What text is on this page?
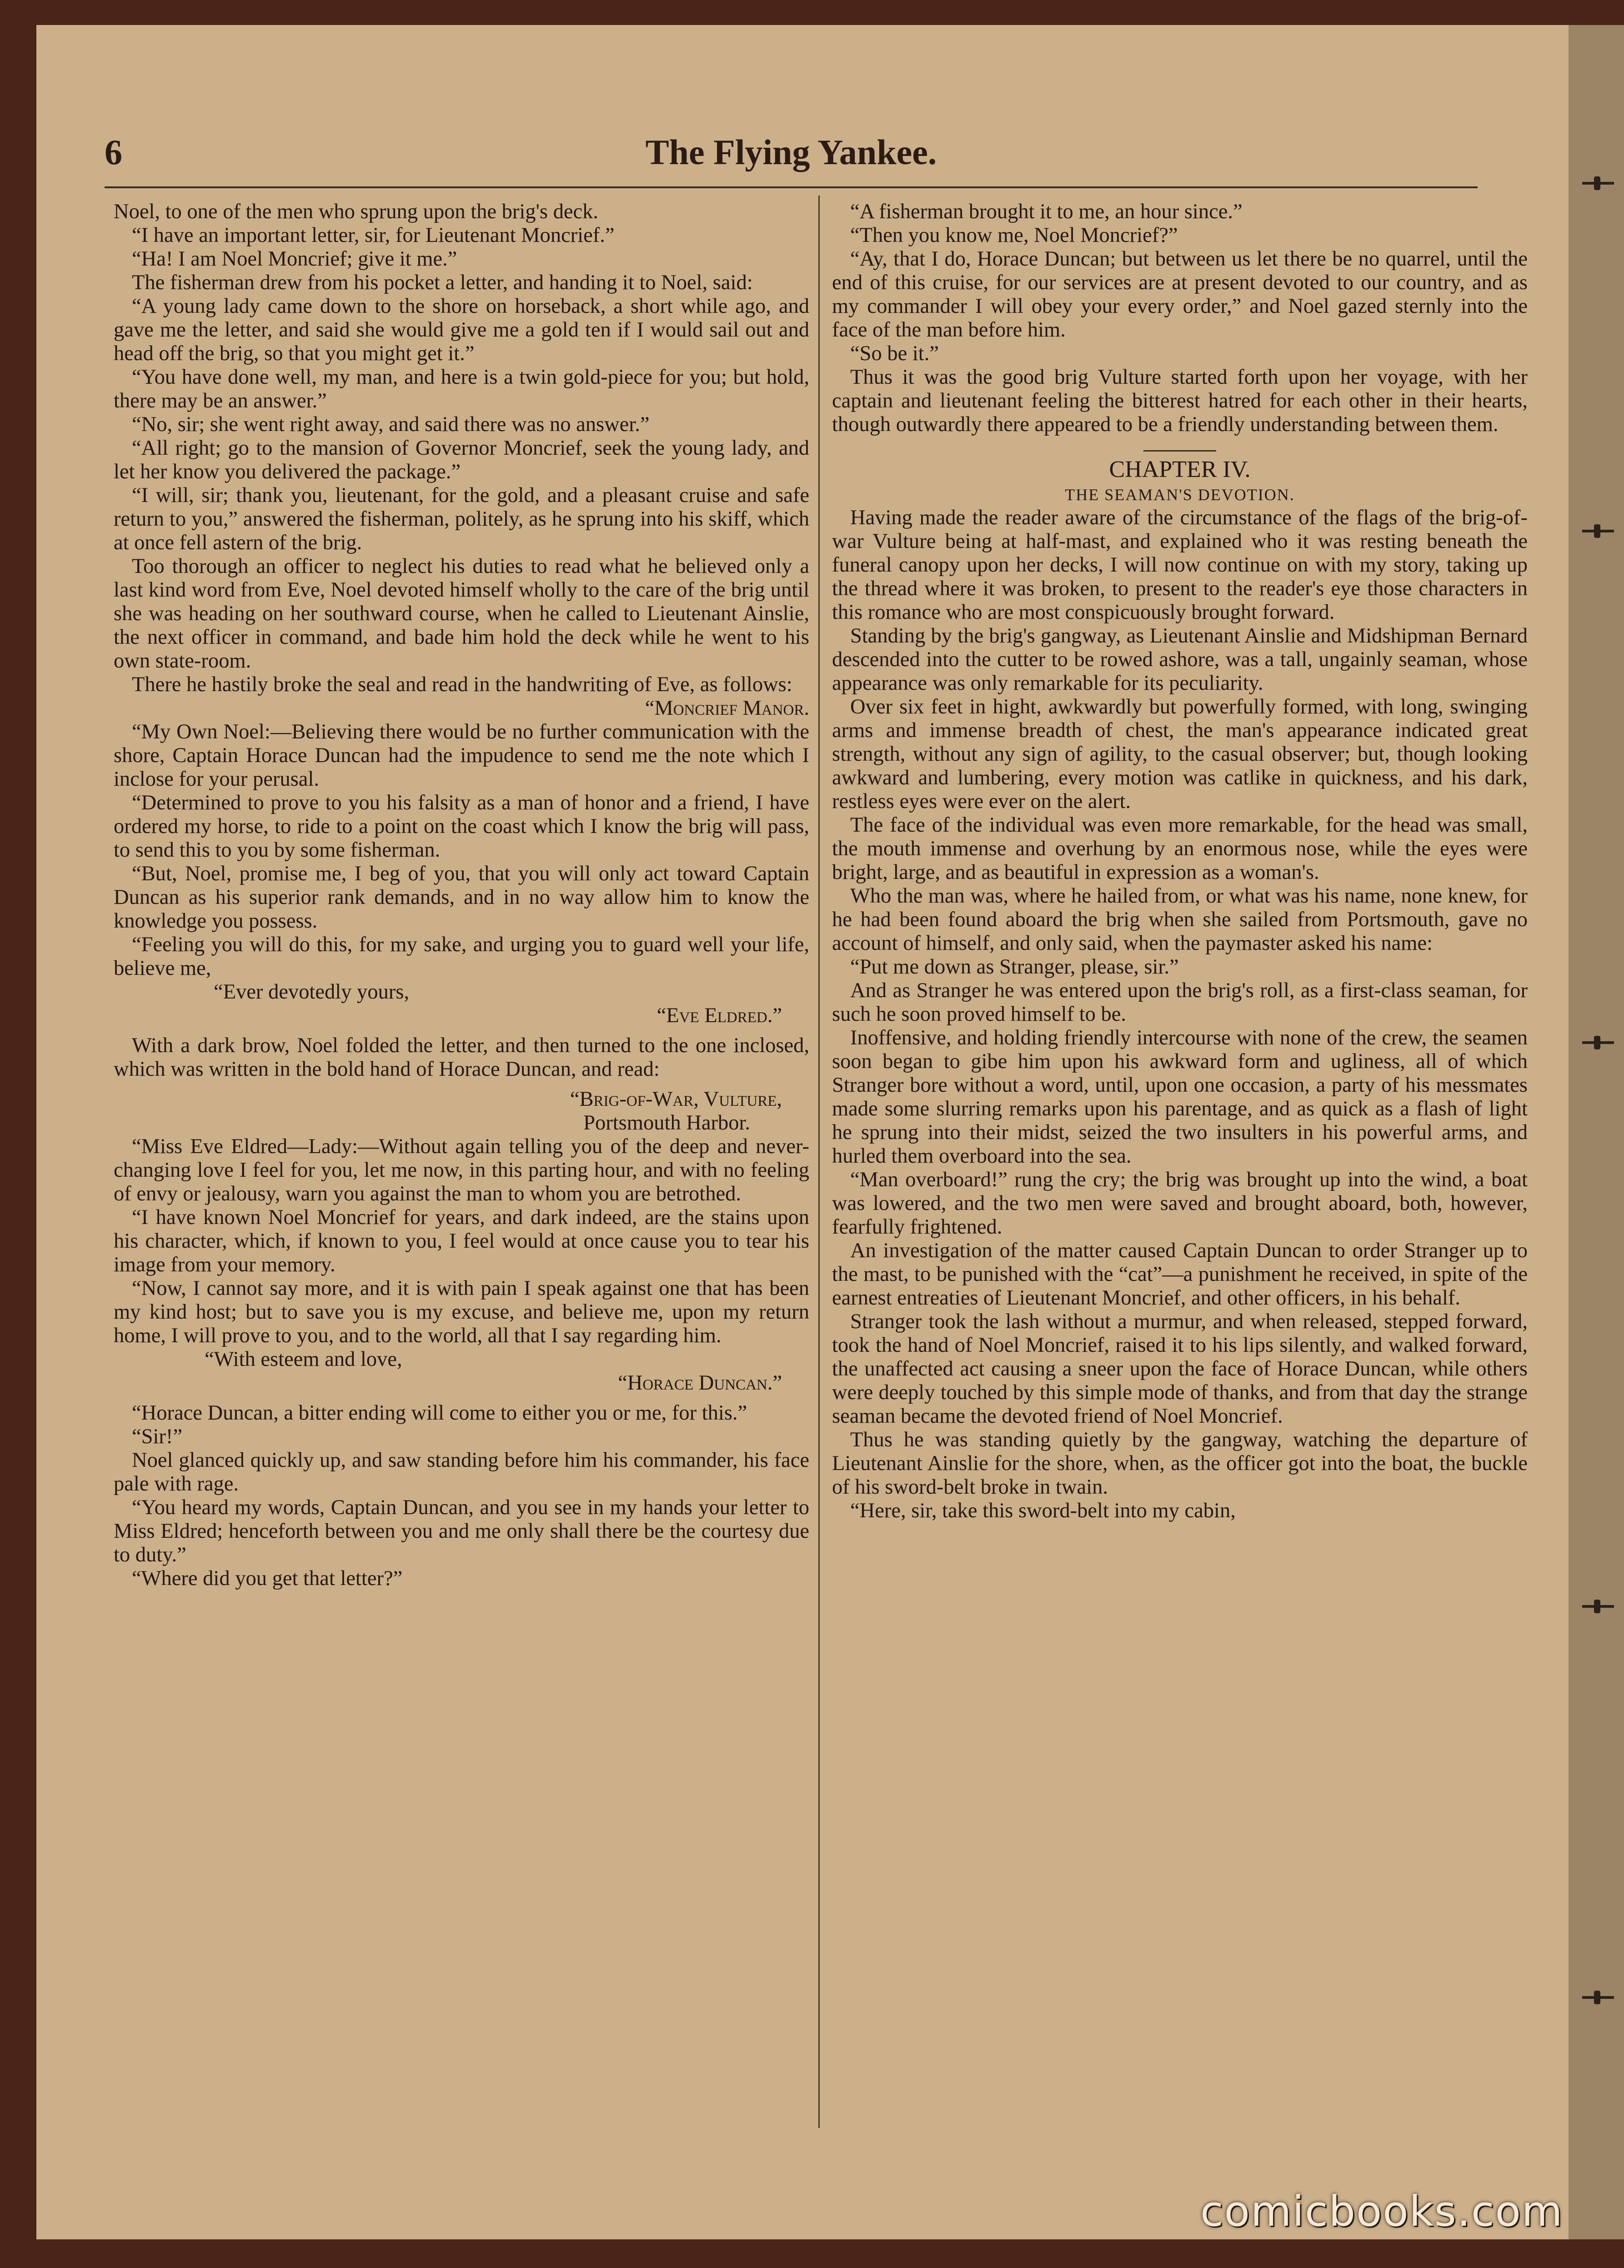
6	The Flying Yankee.

Noel, to one of the men who sprung upon the brig's deck.

“I have an important letter, sir, for Lieutenant Moncrief.”

“Ha! I am Noel Moncrief; give it me.”

The fisherman drew from his pocket a letter, and handing it to Noel, said:

“A young lady came down to the shore on horseback, a short while ago, and gave me the letter, and said she would give me a gold ten if I would sail out and head off the brig, so that you might get it.”

“You have done well, my man, and here is a twin gold-piece for you; but hold, there may be an answer.”

“No, sir; she went right away, and said there was no answer.”

“All right; go to the mansion of Governor Moncrief, seek the young lady, and let her know you delivered the package.”

“I will, sir; thank you, lieutenant, for the gold, and a pleasant cruise and safe return to you,” answered the fisherman, politely, as he sprung into his skiff, which at once fell astern of the brig.

Too thorough an officer to neglect his duties to read what he believed only a last kind word from Eve, Noel devoted himself wholly to the care of the brig until she was heading on her southward course, when he called to Lieutenant Ainslie, the next officer in command, and bade him hold the deck while he went to his own state-room.

There he hastily broke the seal and read in the handwriting of Eve, as follows:

“Moncrief Manor.

“My Own Noel:—Believing there would be no further communication with the shore, Captain Horace Duncan had the impudence to send me the note which I inclose for your perusal.

“Determined to prove to you his falsity as a man of honor and a friend, I have ordered my horse, to ride to a point on the coast which I know the brig will pass, to send this to you by some fisherman.

“But, Noel, promise me, I beg of you, that you will only act toward Captain Duncan as his superior rank demands, and in no way allow him to know the knowledge you possess.

“Feeling you will do this, for my sake, and urging you to guard well your life, believe me,

“Ever devotedly yours,

“Eve Eldred.”

With a dark brow, Noel folded the letter, and then turned to the one inclosed, which was written in the bold hand of Horace Duncan, and read:

“Brig-of-War, Vulture,

Portsmouth Harbor.

“Miss Eve Eldred—Lady:—Without again telling you of the deep and never-changing love I feel for you, let me now, in this parting hour, and with no feeling of envy or jealousy, warn you against the man to whom you are betrothed.

“I have known Noel Moncrief for years, and dark indeed, are the stains upon his character, which, if known to you, I feel would at once cause you to tear his image from your memory.

“Now, I cannot say more, and it is with pain I speak against one that has been my kind host; but to save you is my excuse, and believe me, upon my return home, I will prove to you, and to the world, all that I say regarding him.

“With esteem and love,

“Horace Duncan.”

“Horace Duncan, a bitter ending will come to either you or me, for this.”

“Sir!”

Noel glanced quickly up, and saw standing before him his commander, his face pale with rage.

“You heard my words, Captain Duncan, and you see in my hands your letter to Miss Eldred; henceforth between you and me only shall there be the courtesy due to duty.”

“Where did you get that letter?”

“A fisherman brought it to me, an hour since.”

“Then you know me, Noel Moncrief?”

“Ay, that I do, Horace Duncan; but between us let there be no quarrel, until the end of this cruise, for our services are at present devoted to our country, and as my commander I will obey your every order,” and Noel gazed sternly into the face of the man before him.

“So be it.”

Thus it was the good brig Vulture started forth upon her voyage, with her captain and lieutenant feeling the bitterest hatred for each other in their hearts, though outwardly there appeared to be a friendly understanding between them.

CHAPTER IV.

THE SEAMAN'S DEVOTION.

Having made the reader aware of the circumstance of the flags of the brig-of-war Vulture being at half-mast, and explained who it was resting beneath the funeral canopy upon her decks, I will now continue on with my story, taking up the thread where it was broken, to present to the reader's eye those characters in this romance who are most conspicuously brought forward.

Standing by the brig's gangway, as Lieutenant Ainslie and Midshipman Bernard descended into the cutter to be rowed ashore, was a tall, ungainly seaman, whose appearance was only remarkable for its peculiarity.

Over six feet in hight, awkwardly but powerfully formed, with long, swinging arms and immense breadth of chest, the man's appearance indicated great strength, without any sign of agility, to the casual observer; but, though looking awkward and lumbering, every motion was catlike in quickness, and his dark, restless eyes were ever on the alert.

The face of the individual was even more remarkable, for the head was small, the mouth immense and overhung by an enormous nose, while the eyes were bright, large, and as beautiful in expression as a woman's.

Who the man was, where he hailed from, or what was his name, none knew, for he had been found aboard the brig when she sailed from Portsmouth, gave no account of himself, and only said, when the paymaster asked his name:

“Put me down as Stranger, please, sir.”

And as Stranger he was entered upon the brig's roll, as a first-class seaman, for such he soon proved himself to be.

Inoffensive, and holding friendly intercourse with none of the crew, the seamen soon began to gibe him upon his awkward form and ugliness, all of which Stranger bore without a word, until, upon one occasion, a party of his messmates made some slurring remarks upon his parentage, and as quick as a flash of light he sprung into their midst, seized the two insulters in his powerful arms, and hurled them overboard into the sea.

“Man overboard!” rung the cry; the brig was brought up into the wind, a boat was lowered, and the two men were saved and brought aboard, both, however, fearfully frightened.

An investigation of the matter caused Captain Duncan to order Stranger up to the mast, to be punished with the “cat”—a punishment he received, in spite of the earnest entreaties of Lieutenant Moncrief, and other officers, in his behalf.

Stranger took the lash without a murmur, and when released, stepped forward, took the hand of Noel Moncrief, raised it to his lips silently, and walked forward, the unaffected act causing a sneer upon the face of Horace Duncan, while others were deeply touched by this simple mode of thanks, and from that day the strange seaman became the devoted friend of Noel Moncrief.

Thus he was standing quietly by the gangway, watching the departure of Lieutenant Ainslie for the shore, when, as the officer got into the boat, the buckle of his sword-belt broke in twain.

“Here, sir, take this sword-belt into my cabin,

comicbooks.com
